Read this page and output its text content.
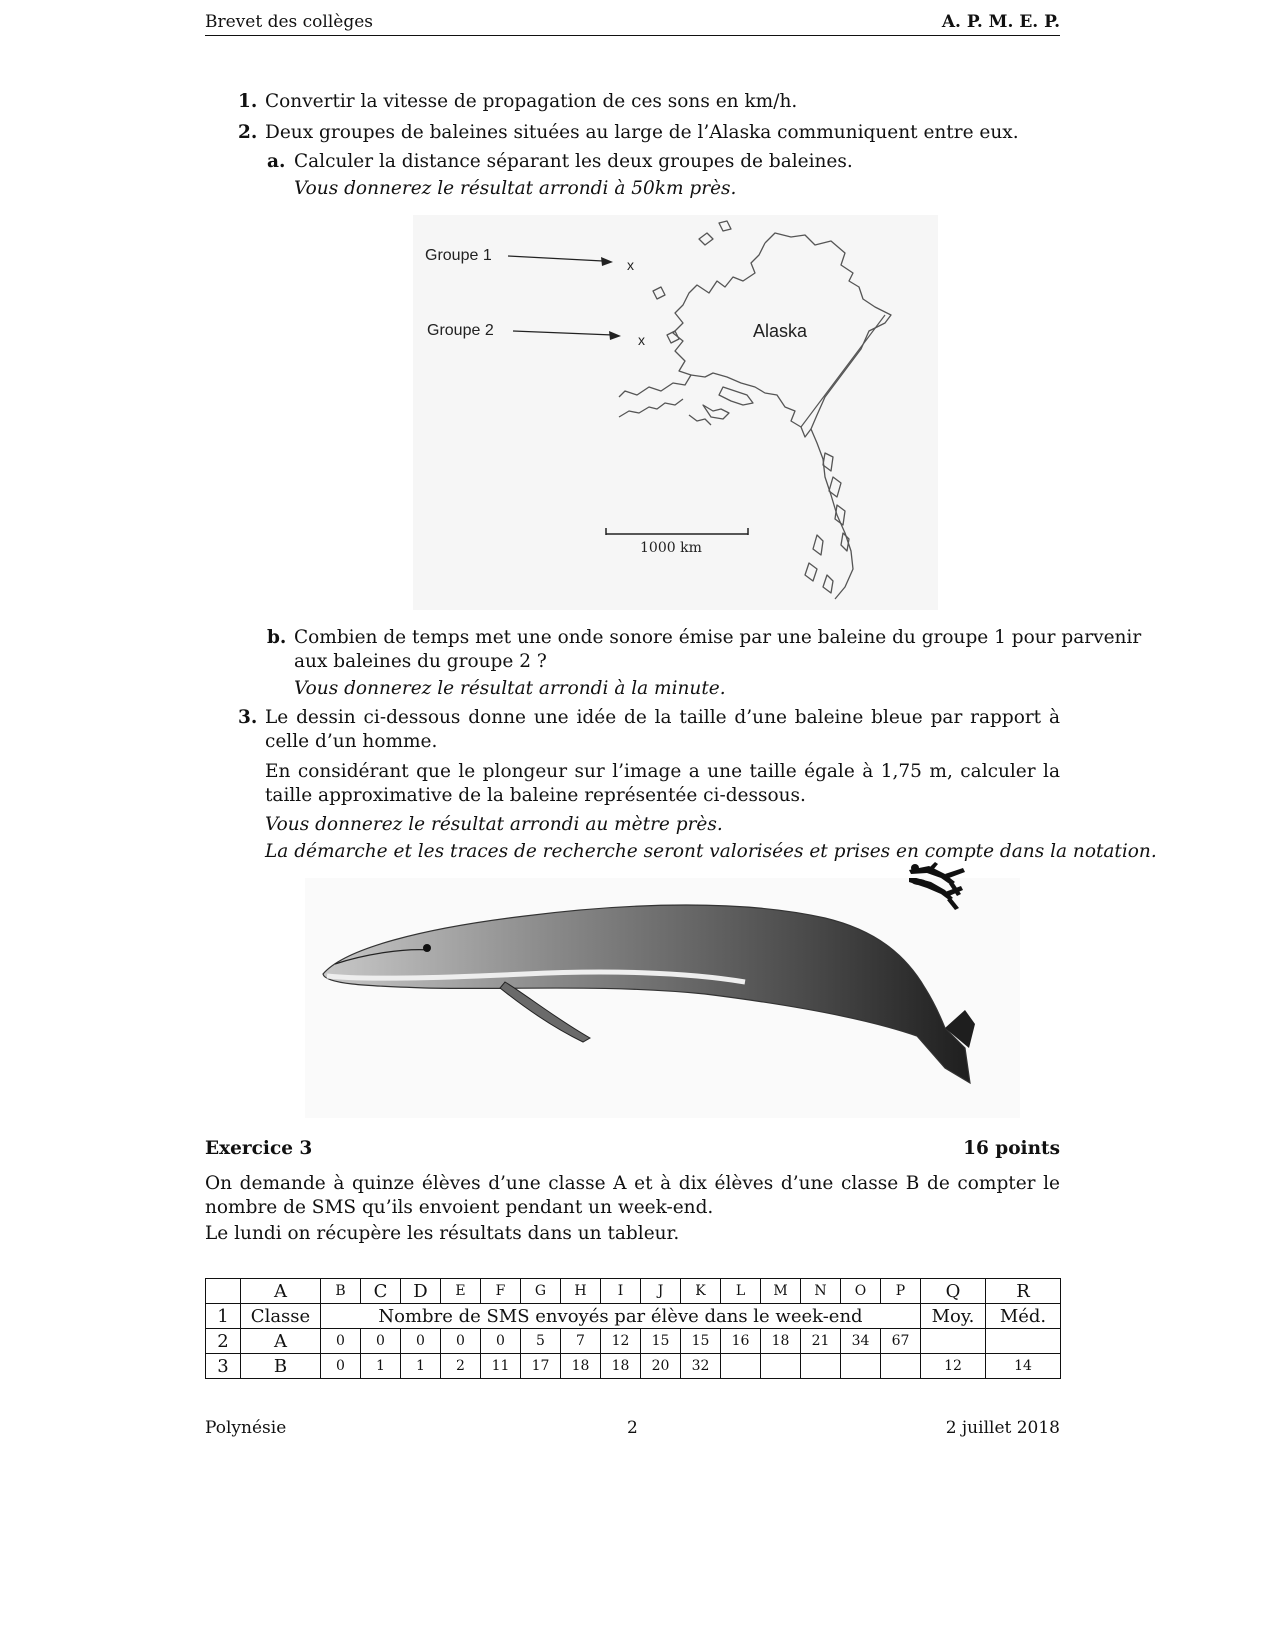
Brevet des collèges	A. P. M. E. P.
1. Convertir la vitesse de propagation de ces sons en km/h.
2. Deux groupes de baleines situées au large de l’Alaska communiquent entre eux.
a. Calculer la distance séparant les deux groupes de baleines.
Vous donnerez le résultat arrondi à 50km près.
Groupe 1
x
Groupe 2
x	Alaska
1000 km
b. Combien de temps met une onde sonore émise par une baleine du groupe 1 pour parvenir
aux baleines du groupe 2 ?
Vous donnerez le résultat arrondi à la minute.
3. Le dessin ci-dessous donne une idée de la taille d’une baleine bleue par rapport à celle d’un homme.
En considérant que le plongeur sur l’image a une taille égale à 1,75 m, calculer la taille approximative de la baleine représentée ci-dessous.
Vous donnerez le résultat arrondi au mètre près.
La démarche et les traces de recherche seront valorisées et prises en compte dans la notation.
Exercice 3	16 points
On demande à quinze élèves d’une classe A et à dix élèves d’une classe B de compter le nombre de SMS qu’ils envoient pendant un week-end.
Le lundi on récupère les résultats dans un tableur.
	A	B	C	D	E	F	G	H	I	J	K	L	M	N	O	P	Q	R
1	Classe	Nombre de SMS envoyés par élève dans le week-end															Moy.	Méd.
2	A	0	0	0	0	0	5	7	12	15	15	16	18	21	34	67		
3	B	0	1	1	2	11	17	18	18	20	32						12	14
Polynésie	2	2 juillet 2018
